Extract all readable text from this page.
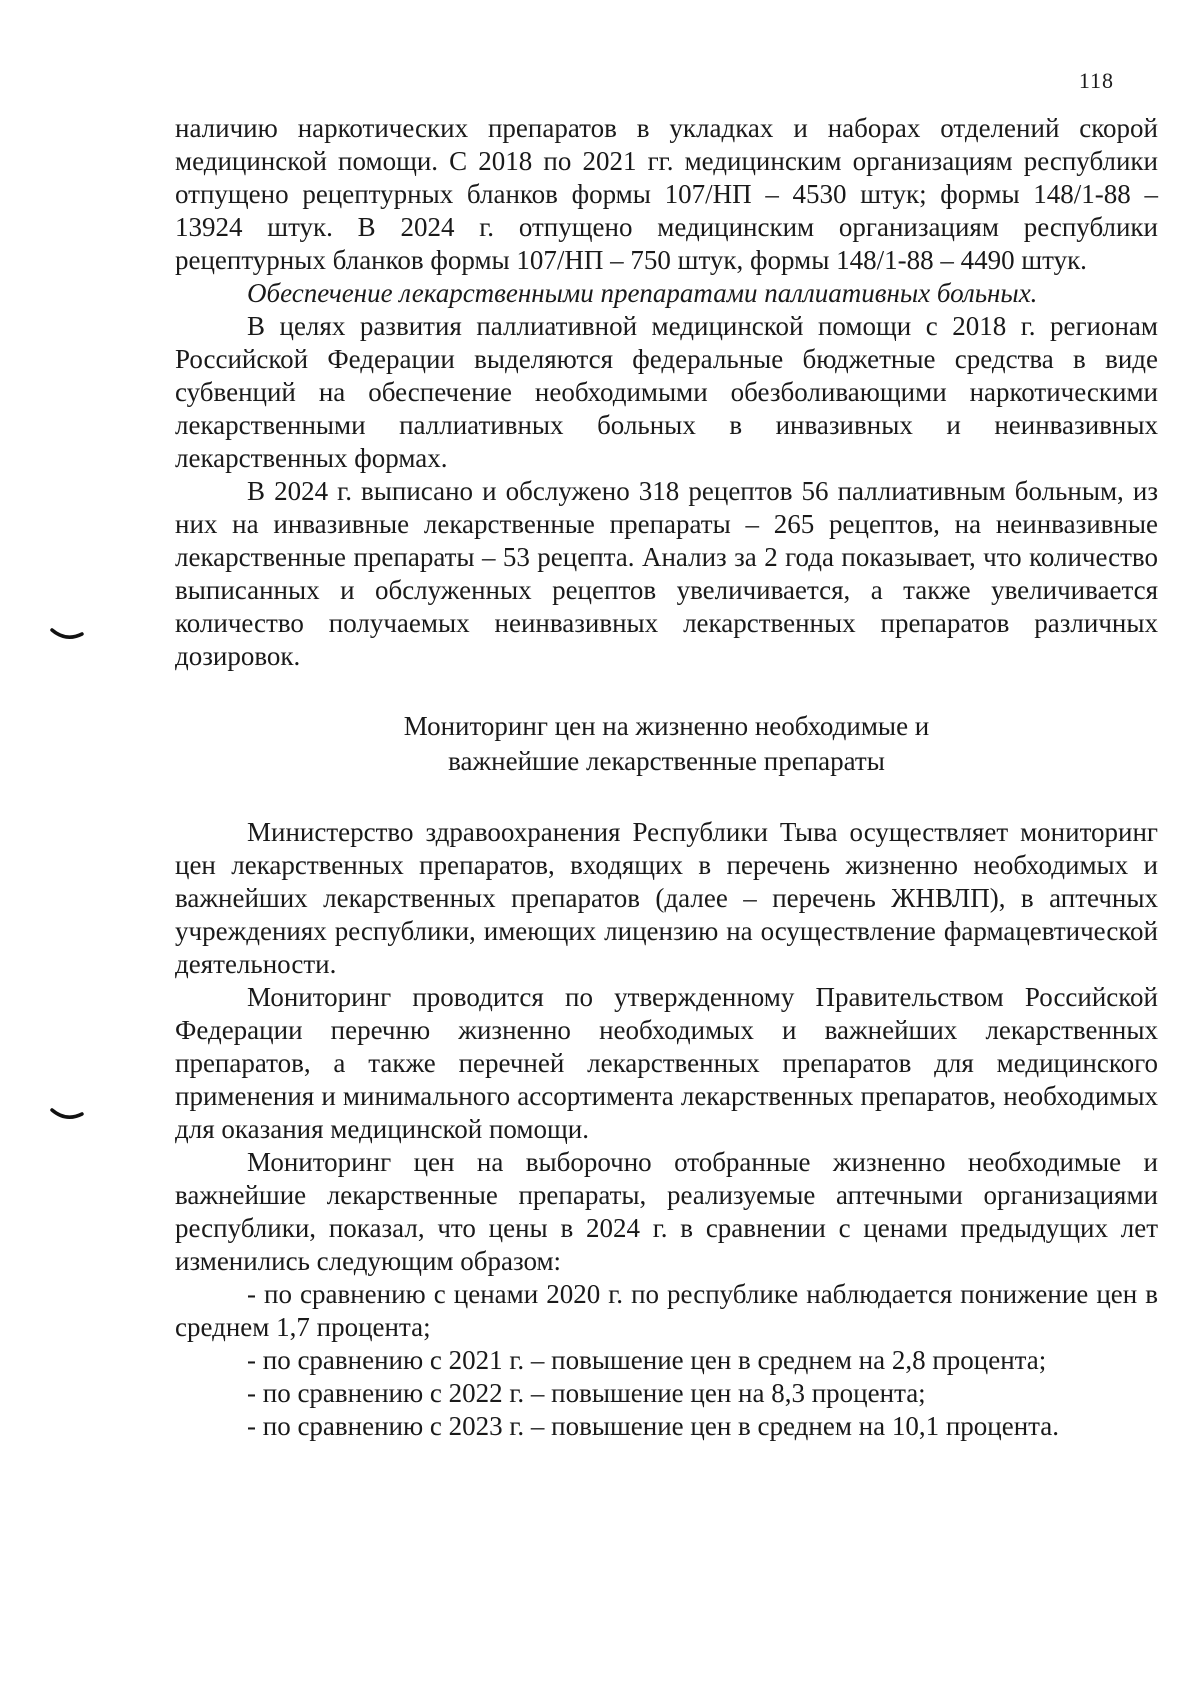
118

наличию наркотических препаратов в укладках и наборах отделений скорой медицинской помощи. С 2018 по 2021 гг. медицинским организациям республики отпущено рецептурных бланков формы 107/НП – 4530 штук; формы 148/1-88 – 13924 штук. В 2024 г. отпущено медицинским организациям республики рецептурных бланков формы 107/НП – 750 штук, формы 148/1-88 – 4490 штук.

Обеспечение лекарственными препаратами паллиативных больных.

В целях развития паллиативной медицинской помощи с 2018 г. регионам Российской Федерации выделяются федеральные бюджетные средства в виде субвенций на обеспечение необходимыми обезболивающими наркотическими лекарственными паллиативных больных в инвазивных и неинвазивных лекарственных формах.

В 2024 г. выписано и обслужено 318 рецептов 56 паллиативным больным, из них на инвазивные лекарственные препараты – 265 рецептов, на неинвазивные лекарственные препараты – 53 рецепта. Анализ за 2 года показывает, что количество выписанных и обслуженных рецептов увеличивается, а также увеличивается количество получаемых неинвазивных лекарственных препаратов различных дозировок.

Мониторинг цен на жизненно необходимые и
важнейшие лекарственные препараты

Министерство здравоохранения Республики Тыва осуществляет мониторинг цен лекарственных препаратов, входящих в перечень жизненно необходимых и важнейших лекарственных препаратов (далее – перечень ЖНВЛП), в аптечных учреждениях республики, имеющих лицензию на осуществление фармацевтической деятельности.

Мониторинг проводится по утвержденному Правительством Российской Федерации перечню жизненно необходимых и важнейших лекарственных препаратов, а также перечней лекарственных препаратов для медицинского применения и минимального ассортимента лекарственных препаратов, необходимых для оказания медицинской помощи.

Мониторинг цен на выборочно отобранные жизненно необходимые и важнейшие лекарственные препараты, реализуемые аптечными организациями республики, показал, что цены в 2024 г. в сравнении с ценами предыдущих лет изменились следующим образом:

- по сравнению с ценами 2020 г. по республике наблюдается понижение цен в среднем 1,7 процента;

- по сравнению с 2021 г. – повышение цен в среднем на 2,8 процента;

- по сравнению с 2022 г. – повышение цен на 8,3 процента;

- по сравнению с 2023 г. – повышение цен в среднем на 10,1 процента.
